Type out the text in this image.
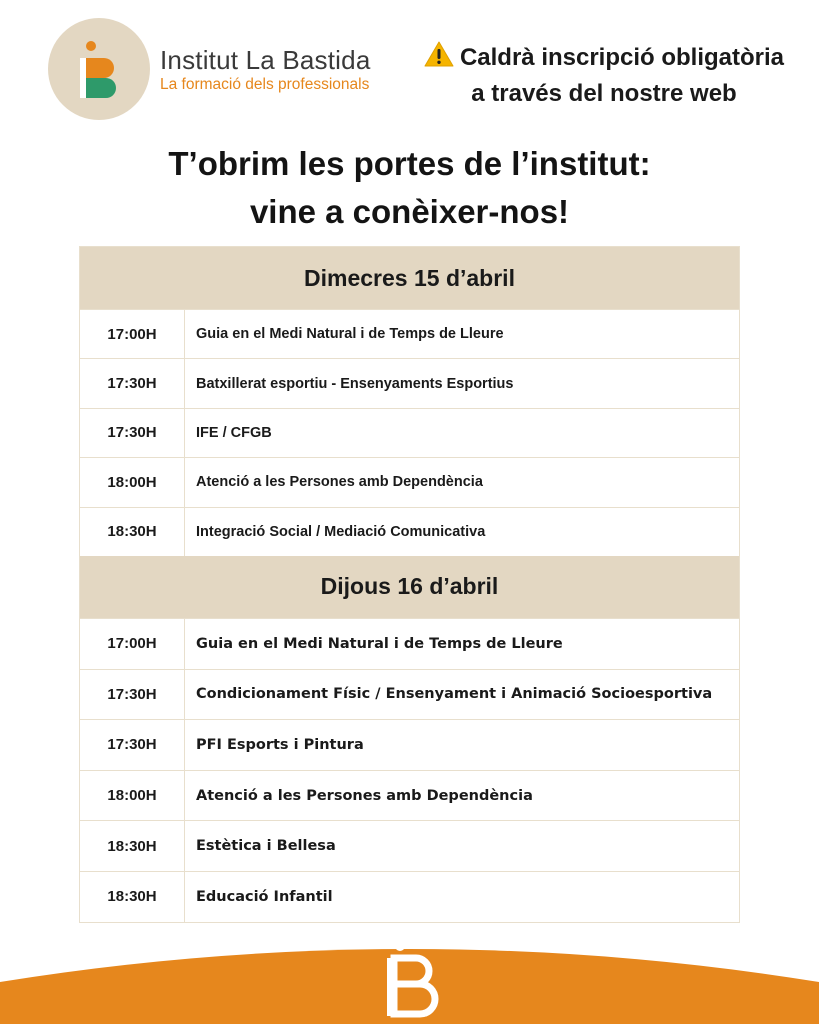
Institut La Bastida
La formació dels professionals
Caldrà inscripció obligatòria
a través del nostre web
T’obrim les portes de l’institut:
vine a conèixer-nos!
Dimecres 15 d’abril
17:00H	Guia en el Medi Natural i de Temps de Lleure
17:30H	Batxillerat esportiu - Ensenyaments Esportius
17:30H	IFE / CFGB
18:00H	Atenció a les Persones amb Dependència
18:30H	Integració Social / Mediació Comunicativa
Dijous 16 d’abril
17:00H	Guia en el Medi Natural i de Temps de Lleure
17:30H	Condicionament Físic / Ensenyament i Animació Socioesportiva
17:30H	PFI Esports i Pintura
18:00H	Atenció a les Persones amb Dependència
18:30H	Estètica i Bellesa
18:30H	Educació Infantil
